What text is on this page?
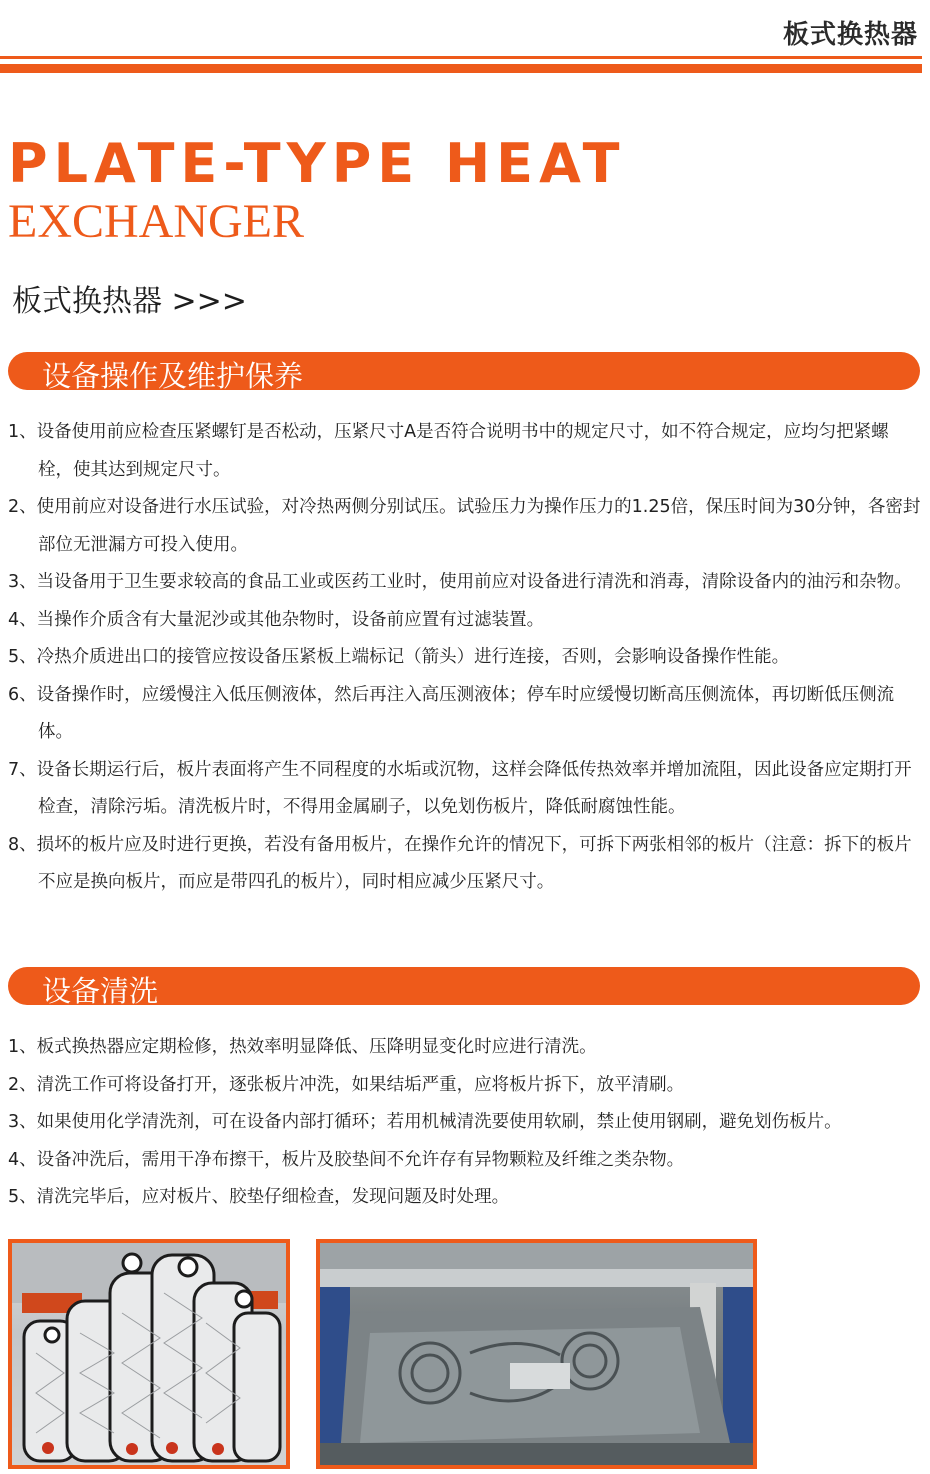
板式换热器
PLATE-TYPE HEAT
EXCHANGER
板式换热器 >>>
设备操作及维护保养
1、设备使用前应检查压紧螺钉是否松动，压紧尺寸A是否符合说明书中的规定尺寸，如不符合规定，应均匀把紧螺栓，使其达到规定尺寸。
2、使用前应对设备进行水压试验，对冷热两侧分别试压。试验压力为操作压力的1.25倍，保压时间为30分钟，各密封部位无泄漏方可投入使用。
3、当设备用于卫生要求较高的食品工业或医药工业时，使用前应对设备进行清洗和消毒，清除设备内的油污和杂物。
4、当操作介质含有大量泥沙或其他杂物时，设备前应置有过滤装置。
5、冷热介质进出口的接管应按设备压紧板上端标记（箭头）进行连接，否则，会影响设备操作性能。
6、设备操作时，应缓慢注入低压侧液体，然后再注入高压测液体；停车时应缓慢切断高压侧流体，再切断低压侧流体。
7、设备长期运行后，板片表面将产生不同程度的水垢或沉物，这样会降低传热效率并增加流阻，因此设备应定期打开检查，清除污垢。清洗板片时，不得用金属刷子，以免划伤板片，降低耐腐蚀性能。
8、损坏的板片应及时进行更换，若没有备用板片，在操作允许的情况下，可拆下两张相邻的板片（注意：拆下的板片不应是换向板片，而应是带四孔的板片），同时相应减少压紧尺寸。
设备清洗
1、板式换热器应定期检修，热效率明显降低、压降明显变化时应进行清洗。
2、清洗工作可将设备打开，逐张板片冲洗，如果结垢严重，应将板片拆下，放平清刷。
3、如果使用化学清洗剂，可在设备内部打循环；若用机械清洗要使用软刷，禁止使用钢刷，避免划伤板片。
4、设备冲洗后，需用干净布擦干，板片及胶垫间不允许存有异物颗粒及纤维之类杂物。
5、清洗完毕后，应对板片、胶垫仔细检查，发现问题及时处理。
